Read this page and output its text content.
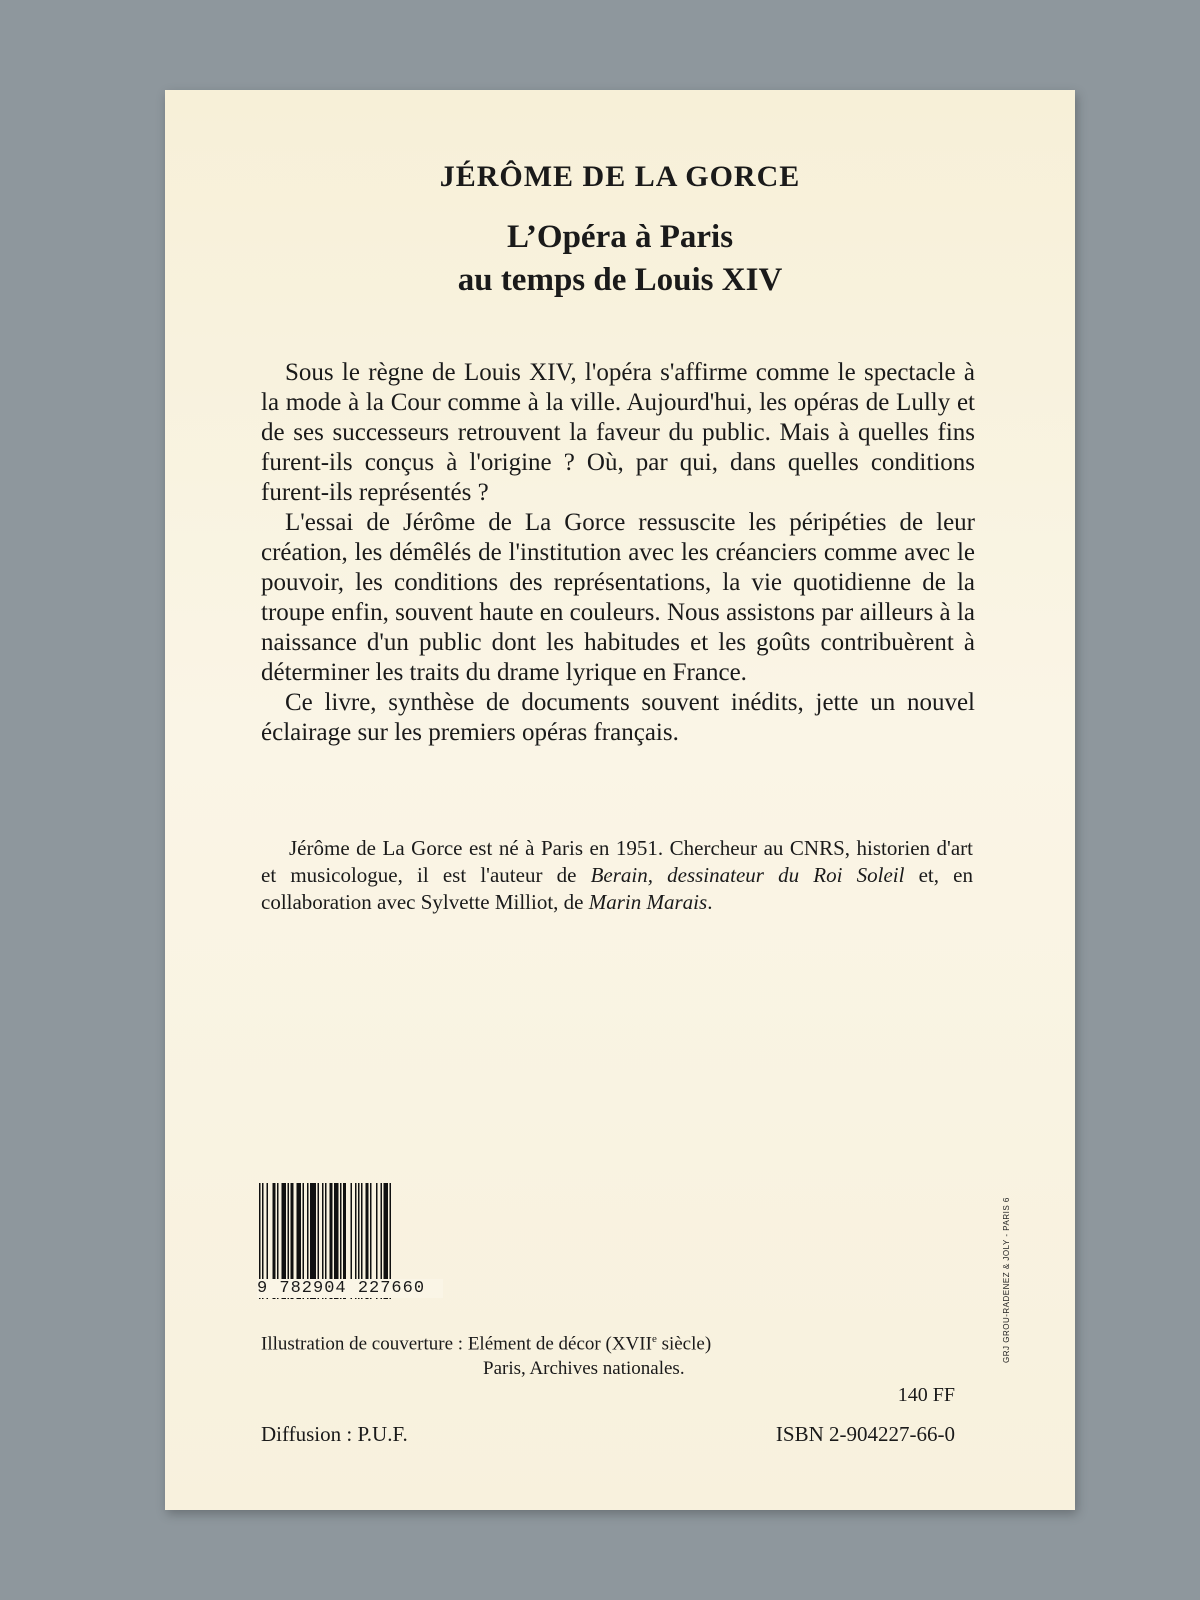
JÉRÔME DE LA GORCE
L’Opéra à Paris
au temps de Louis XIV

Sous le règne de Louis XIV, l'opéra s'affirme comme le spectacle à la mode à la Cour comme à la ville. Aujourd'hui, les opéras de Lully et de ses successeurs retrouvent la faveur du public. Mais à quelles fins furent-ils conçus à l'origine ? Où, par qui, dans quelles conditions furent-ils représentés ?

L'essai de Jérôme de La Gorce ressuscite les péripéties de leur création, les démêlés de l'institution avec les créanciers comme avec le pouvoir, les conditions des représentations, la vie quotidienne de la troupe enfin, souvent haute en couleurs. Nous assistons par ailleurs à la naissance d'un public dont les habitudes et les goûts contribuèrent à déterminer les traits du drame lyrique en France.

Ce livre, synthèse de documents souvent inédits, jette un nouvel éclairage sur les premiers opéras français.

Jérôme de La Gorce est né à Paris en 1951. Chercheur au CNRS, historien d'art et musicologue, il est l'auteur de Berain, dessinateur du Roi Soleil et, en collaboration avec Sylvette Milliot, de Marin Marais.

9 782904 227660
Illustration de couverture : Elément de décor (XVIIe siècle)
Paris, Archives nationales.
140 FF
Diffusion : P.U.F.	ISBN 2-904227-66-0
GRJ GROU-RADENEZ & JOLY - PARIS 6
